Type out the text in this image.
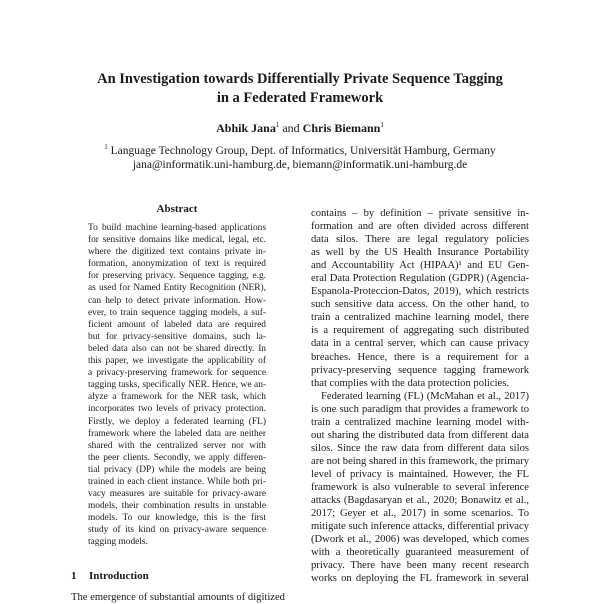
An Investigation towards Differentially Private Sequence Tagging
in a Federated Framework
Abhik Jana$^1$ and Chris Biemann$^1$
$^1$ Language Technology Group, Dept. of Informatics, Universität Hamburg, Germany
jana@informatik.uni-hamburg.de, biemann@informatik.uni-hamburg.de
Abstract
To build machine learning-based applications
for sensitive domains like medical, legal, etc.
where the digitized text contains private in-
formation, anonymization of text is required
for preserving privacy. Sequence tagging, e.g.
as used for Named Entity Recognition (NER),
can help to detect private information. How-
ever, to train sequence tagging models, a suf-
ficient amount of labeled data are required
but for privacy-sensitive domains, such la-
beled data also can not be shared directly. In
this paper, we investigate the applicability of
a privacy-preserving framework for sequence
tagging tasks, specifically NER. Hence, we an-
alyze a framework for the NER task, which
incorporates two levels of privacy protection.
Firstly, we deploy a federated learning (FL)
framework where the labeled data are neither
shared with the centralized server nor with
the peer clients. Secondly, we apply differen-
tial privacy (DP) while the models are being
trained in each client instance. While both pri-
vacy measures are suitable for privacy-aware
models, their combination results in unstable
models. To our knowledge, this is the first
study of its kind on privacy-aware sequence
tagging models.
1 Introduction
The emergence of substantial amounts of digitized
contains – by definition – private sensitive in-
formation and are often divided across different
data silos. There are legal regulatory policies
as well by the US Health Insurance Portability
and Accountability Act (HIPAA)¹ and EU Gen-
eral Data Protection Regulation (GDPR) (Agencia-
Espanola-Proteccion-Datos, 2019), which restricts
such sensitive data access. On the other hand, to
train a centralized machine learning model, there
is a requirement of aggregating such distributed
data in a central server, which can cause privacy
breaches. Hence, there is a requirement for a
privacy-preserving sequence tagging framework
that complies with the data protection policies.
Federated learning (FL) (McMahan et al., 2017)
is one such paradigm that provides a framework to
train a centralized machine learning model with-
out sharing the distributed data from different data
silos. Since the raw data from different data silos
are not being shared in this framework, the primary
level of privacy is maintained. However, the FL
framework is also vulnerable to several inference
attacks (Bagdasaryan et al., 2020; Bonawitz et al.,
2017; Geyer et al., 2017) in some scenarios. To
mitigate such inference attacks, differential privacy
(Dwork et al., 2006) was developed, which comes
with a theoretically guaranteed measurement of
privacy. There have been many recent research
works on deploying the FL framework in several
